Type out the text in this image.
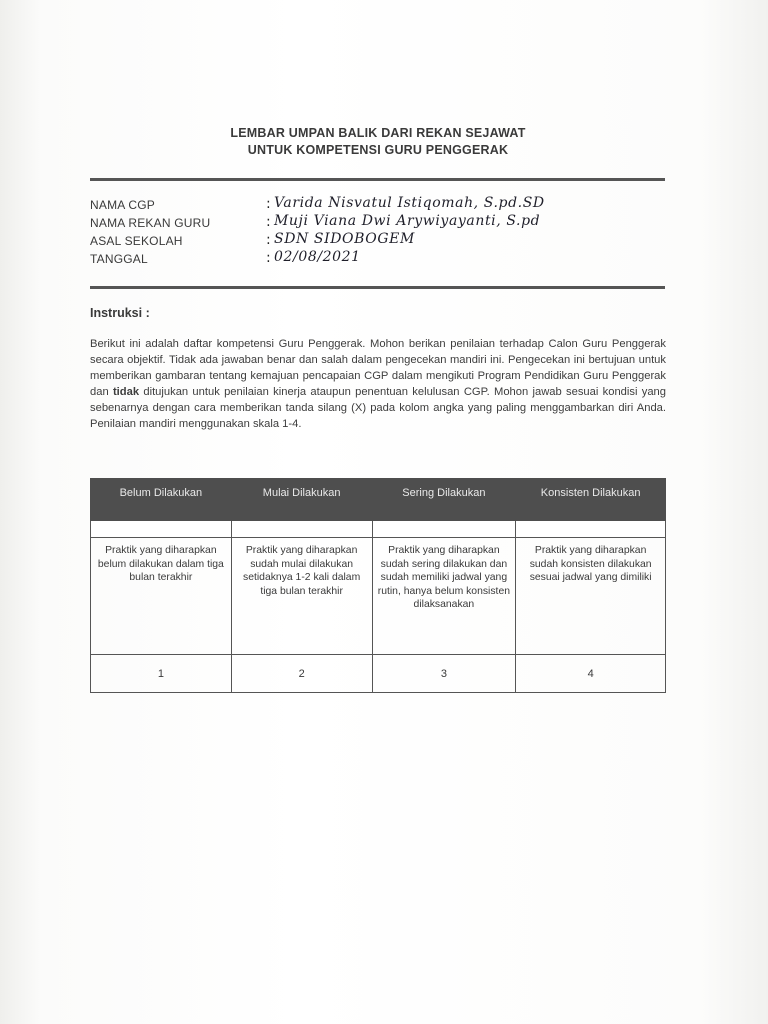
LEMBAR UMPAN BALIK DARI REKAN SEJAWAT
UNTUK KOMPETENSI GURU PENGGERAK
NAMA CGP	: Varida Nisvatul Istiqomah, S.pd.SD
NAMA REKAN GURU	: Muji Viana Dwi Arywiyayanti, S.pd
ASAL SEKOLAH	: SDN SIDOBOGEM
TANGGAL	: 02/08/2021
Instruksi :
Berikut ini adalah daftar kompetensi Guru Penggerak. Mohon berikan penilaian terhadap Calon Guru Penggerak secara objektif. Tidak ada jawaban benar dan salah dalam pengecekan mandiri ini. Pengecekan ini bertujuan untuk memberikan gambaran tentang kemajuan pencapaian CGP dalam mengikuti Program Pendidikan Guru Penggerak dan tidak ditujukan untuk penilaian kinerja ataupun penentuan kelulusan CGP. Mohon jawab sesuai kondisi yang sebenarnya dengan cara memberikan tanda silang (X) pada kolom angka yang paling menggambarkan diri Anda. Penilaian mandiri menggunakan skala 1-4.
Belum Dilakukan	Mulai Dilakukan	Sering Dilakukan	Konsisten Dilakukan

Praktik yang diharapkan belum dilakukan dalam tiga bulan terakhir	Praktik yang diharapkan sudah mulai dilakukan setidaknya 1-2 kali dalam tiga bulan terakhir	Praktik yang diharapkan sudah sering dilakukan dan sudah memiliki jadwal yang rutin, hanya belum konsisten dilaksanakan	Praktik yang diharapkan sudah konsisten dilakukan sesuai jadwal yang dimiliki
1	2	3	4
